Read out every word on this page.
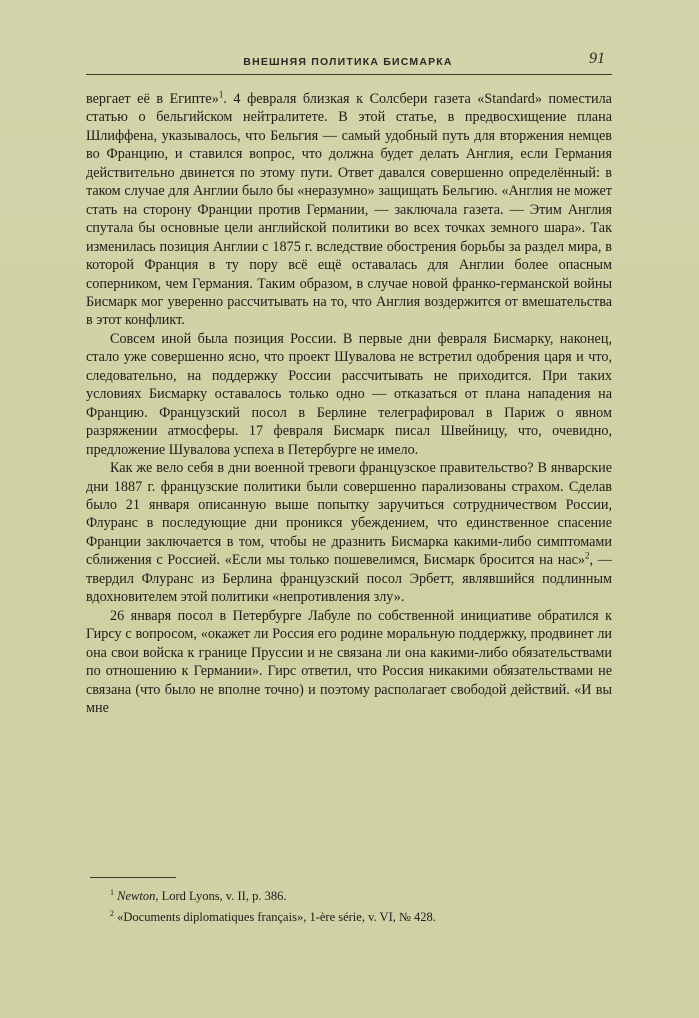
ВНЕШНЯЯ ПОЛИТИКА БИСМАРКА	91

вергает её в Египте»$^1$. 4 февраля близкая к Солсбери газета «Standard» поместила статью о бельгийском нейтралитете. В этой статье, в предвосхищение плана Шлиффена, указывалось, что Бельгия — самый удобный путь для вторжения немцев во Францию, и ставился вопрос, что должна будет делать Англия, если Германия действительно двинется по этому пути. Ответ давался совершенно определённый: в таком случае для Англии было бы «неразумно» защищать Бельгию. «Англия не может стать на сторону Франции против Германии, — заключала газета. — Этим Англия спутала бы основные цели английской политики во всех точках земного шара». Так изменилась позиция Англии с 1875 г. вследствие обострения борьбы за раздел мира, в которой Франция в ту пору всё ещё оставалась для Англии более опасным соперником, чем Германия. Таким образом, в случае новой франко-германской войны Бисмарк мог уверенно рассчитывать на то, что Англия воздержится от вмешательства в этот конфликт.

Совсем иной была позиция России. В первые дни февраля Бисмарку, наконец, стало уже совершенно ясно, что проект Шувалова не встретил одобрения царя и что, следовательно, на поддержку России рассчитывать не приходится. При таких условиях Бисмарку оставалось только одно — отказаться от плана нападения на Францию. Французский посол в Берлине телеграфировал в Париж о явном разряжении атмосферы. 17 февраля Бисмарк писал Швейницу, что, очевидно, предложение Шувалова успеха в Петербурге не имело.

Как же вело себя в дни военной тревоги французское правительство? В январские дни 1887 г. французские политики были совершенно парализованы страхом. Сделав было 21 января описанную выше попытку заручиться сотрудничеством России, Флуранс в последующие дни проникся убеждением, что единственное спасение Франции заключается в том, чтобы не дразнить Бисмарка какими-либо симптомами сближения с Россией. «Если мы только пошевелимся, Бисмарк бросится на нас»$^2$, — твердил Флуранс из Берлина французский посол Эрбетт, являвшийся подлинным вдохновителем этой политики «непротивления злу».

26 января посол в Петербурге Лабуле по собственной инициативе обратился к Гирсу с вопросом, «окажет ли Россия его родине моральную поддержку, продвинет ли она свои войска к границе Пруссии и не связана ли она какими-либо обязательствами по отношению к Германии». Гирс ответил, что Россия никакими обязательствами не связана (что было не вполне точно) и поэтому располагает свободой действий. «И вы мне

$^1$ Newton, Lord Lyons, v. II, p. 386.
$^2$ «Documents diplomatiques français», 1-ère série, v. VI, № 428.
